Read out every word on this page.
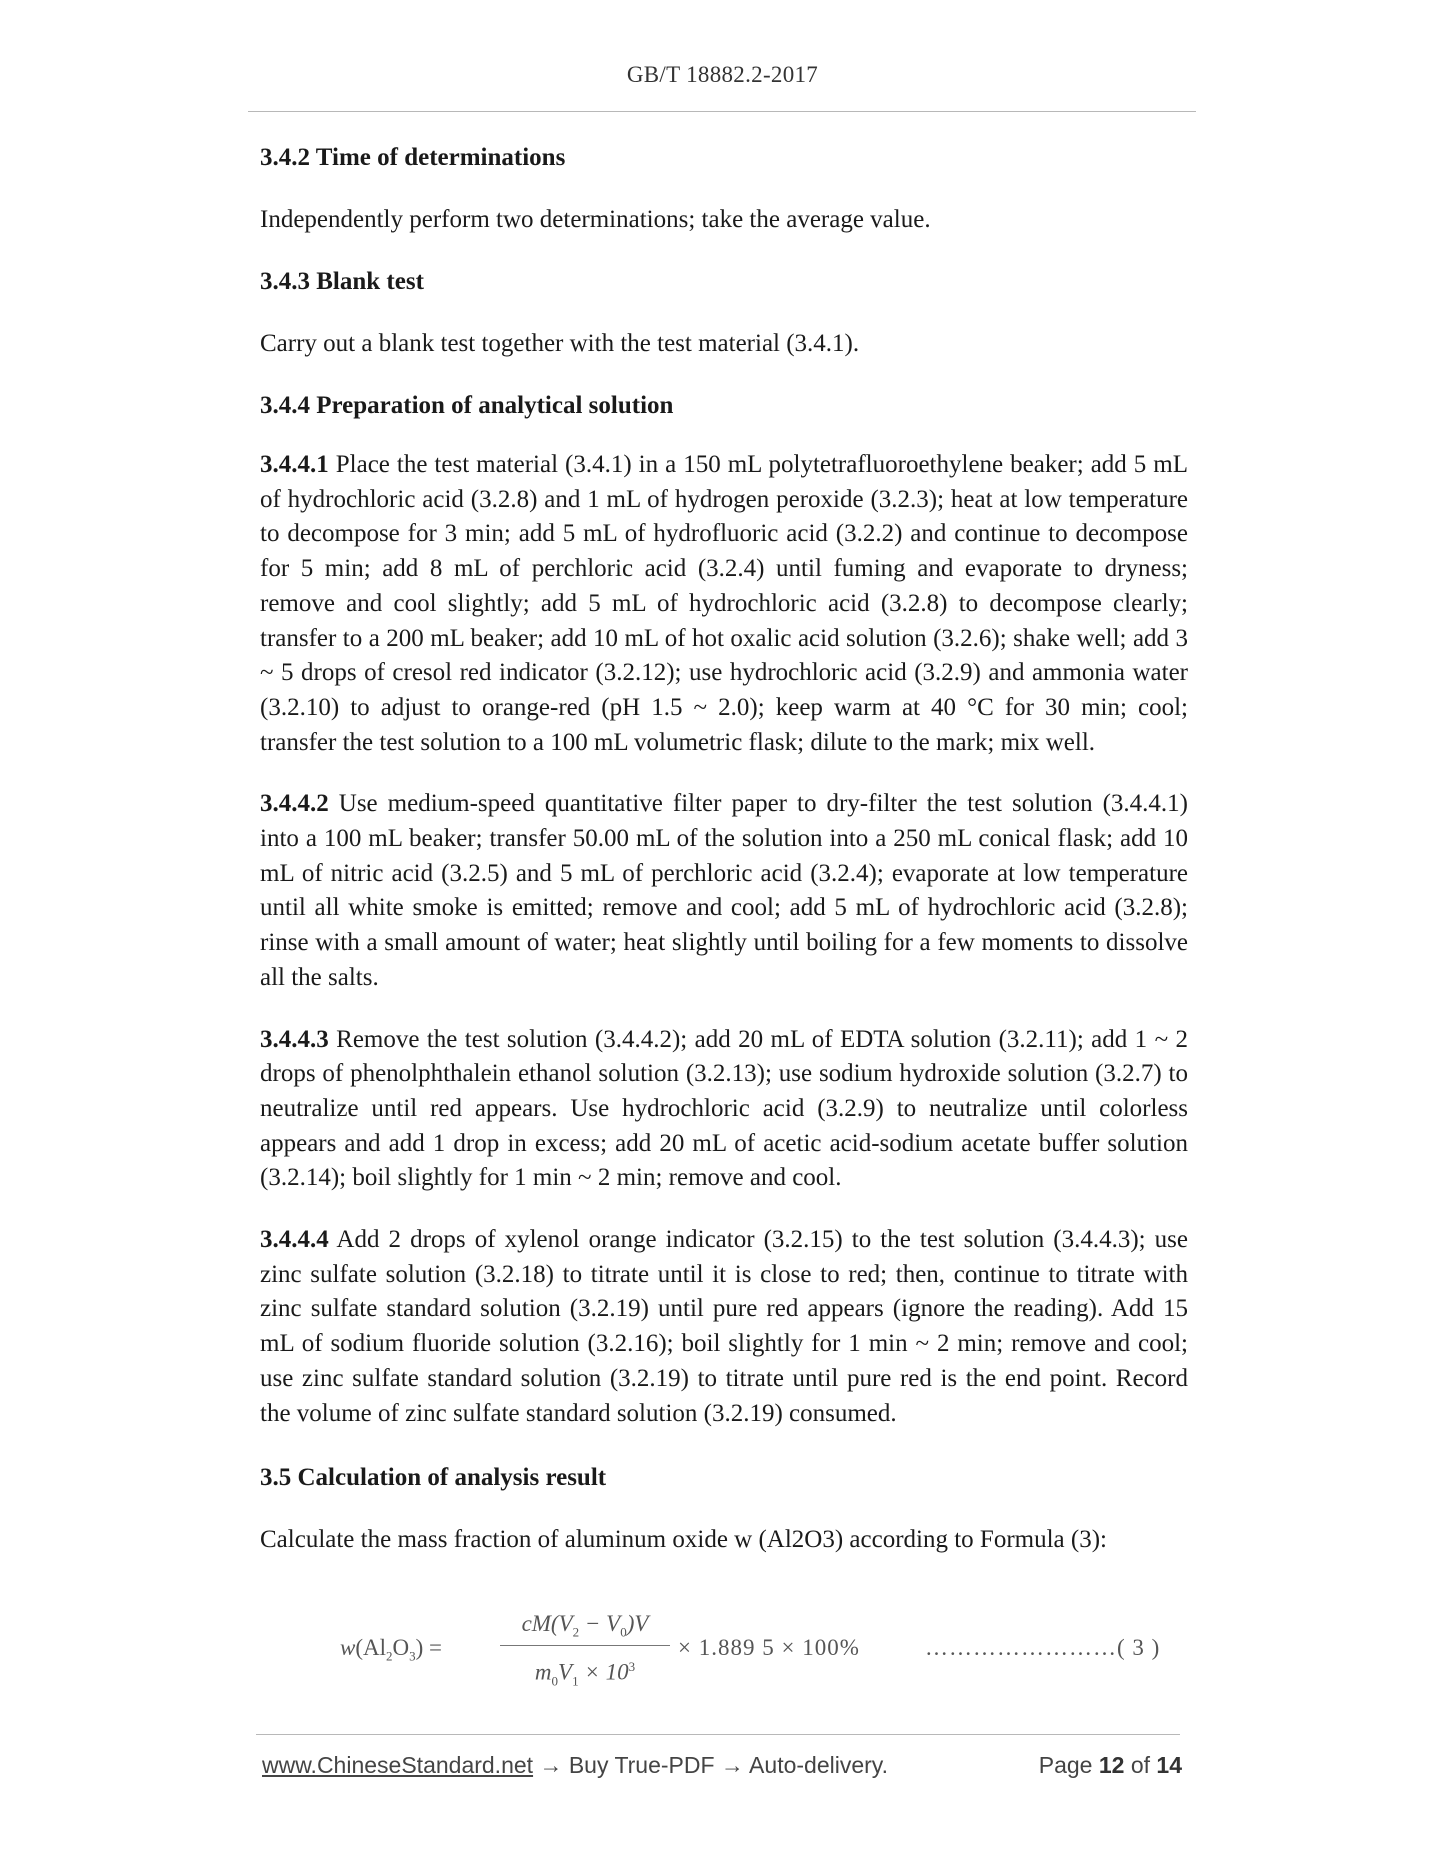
GB/T 18882.2-2017
3.4.2 Time of determinations
Independently perform two determinations; take the average value.
3.4.3 Blank test
Carry out a blank test together with the test material (3.4.1).
3.4.4 Preparation of analytical solution
3.4.4.1 Place the test material (3.4.1) in a 150 mL polytetrafluoroethylene beaker; add 5 mL of hydrochloric acid (3.2.8) and 1 mL of hydrogen peroxide (3.2.3); heat at low temperature to decompose for 3 min; add 5 mL of hydrofluoric acid (3.2.2) and continue to decompose for 5 min; add 8 mL of perchloric acid (3.2.4) until fuming and evaporate to dryness; remove and cool slightly; add 5 mL of hydrochloric acid (3.2.8) to decompose clearly; transfer to a 200 mL beaker; add 10 mL of hot oxalic acid solution (3.2.6); shake well; add 3 ~ 5 drops of cresol red indicator (3.2.12); use hydrochloric acid (3.2.9) and ammonia water (3.2.10) to adjust to orange-red (pH 1.5 ~ 2.0); keep warm at 40 °C for 30 min; cool; transfer the test solution to a 100 mL volumetric flask; dilute to the mark; mix well.
3.4.4.2 Use medium-speed quantitative filter paper to dry-filter the test solution (3.4.4.1) into a 100 mL beaker; transfer 50.00 mL of the solution into a 250 mL conical flask; add 10 mL of nitric acid (3.2.5) and 5 mL of perchloric acid (3.2.4); evaporate at low temperature until all white smoke is emitted; remove and cool; add 5 mL of hydrochloric acid (3.2.8); rinse with a small amount of water; heat slightly until boiling for a few moments to dissolve all the salts.
3.4.4.3 Remove the test solution (3.4.4.2); add 20 mL of EDTA solution (3.2.11); add 1 ~ 2 drops of phenolphthalein ethanol solution (3.2.13); use sodium hydroxide solution (3.2.7) to neutralize until red appears. Use hydrochloric acid (3.2.9) to neutralize until colorless appears and add 1 drop in excess; add 20 mL of acetic acid-sodium acetate buffer solution (3.2.14); boil slightly for 1 min ~ 2 min; remove and cool.
3.4.4.4 Add 2 drops of xylenol orange indicator (3.2.15) to the test solution (3.4.4.3); use zinc sulfate solution (3.2.18) to titrate until it is close to red; then, continue to titrate with zinc sulfate standard solution (3.2.19) until pure red appears (ignore the reading). Add 15 mL of sodium fluoride solution (3.2.16); boil slightly for 1 min ~ 2 min; remove and cool; use zinc sulfate standard solution (3.2.19) to titrate until pure red is the end point. Record the volume of zinc sulfate standard solution (3.2.19) consumed.
3.5 Calculation of analysis result
Calculate the mass fraction of aluminum oxide w (Al2O3) according to Formula (3):
$w(Al_2O_3)$ =
$cM(V_2 - V_0)V$
$m_0V_1 \times 10^3$
× 1.889 5 × 100%	……………………( 3 )
www.ChineseStandard.net → Buy True-PDF → Auto-delivery.	Page 12 of 14
